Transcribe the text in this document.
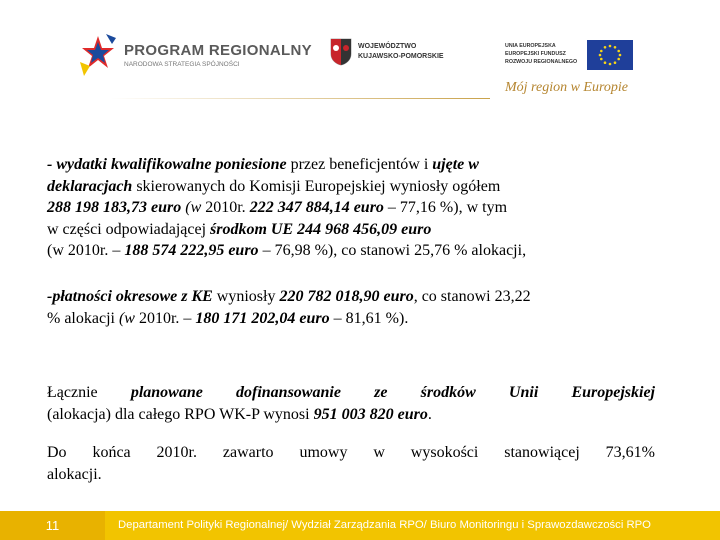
PROGRAM REGIONALNY
NARODOWA STRATEGIA SPÓJNOŚCI
WOJEWÓDZTWO
KUJAWSKO-POMORSKIE
UNIA EUROPEJSKA
EUROPEJSKI FUNDUSZ
ROZWOJU REGIONALNEGO
Mój region w Europie
- wydatki kwalifikowalne poniesione przez beneficjentów i ujęte w
deklaracjach skierowanych do Komisji Europejskiej wyniosły ogółem
288 198 183,73 euro (w 2010r. 222 347 884,14 euro – 77,16 %), w tym
w części odpowiadającej środkom UE 244 968 456,09 euro
(w 2010r. – 188 574 222,95 euro – 76,98 %), co stanowi 25,76 % alokacji,
-płatności okresowe z KE wyniosły 220 782 018,90 euro, co stanowi 23,22
% alokacji (w 2010r. – 180 171 202,04 euro – 81,61 %).
Łącznie planowane dofinansowanie ze środków Unii Europejskiej
(alokacja) dla całego RPO WK-P wynosi 951 003 820 euro.
Do końca 2010r. zawarto umowy w wysokości stanowiącej 73,61%
alokacji.
11	Departament Polityki Regionalnej/ Wydział Zarządzania RPO/ Biuro Monitoringu i Sprawozdawczości RPO
